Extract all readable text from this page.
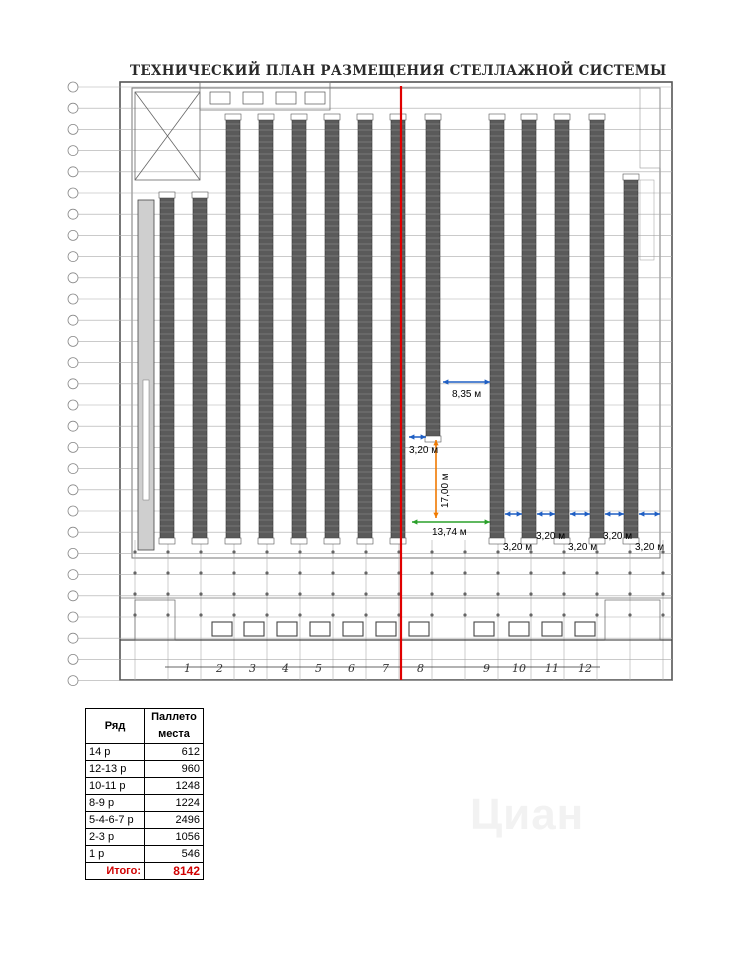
ТЕХНИЧЕСКИЙ ПЛАН РАЗМЕЩЕНИЯ СТЕЛЛАЖНОЙ СИСТЕМЫ
8,35 м
3,20 м
17,00 м
13,74 м
3,20 м
3,20 м
3,20 м
3,20 м
3,20 м
1 2 3 4 5 6 7	8	9 10 11 12
Ряд	Паллето места
14 р	612
12-13 р	960
10-11 р	1248
8-9 р	1224
5-4-6-7 р	2496
2-3 р	1056
1 р	546
Итого:	8142
Циан
